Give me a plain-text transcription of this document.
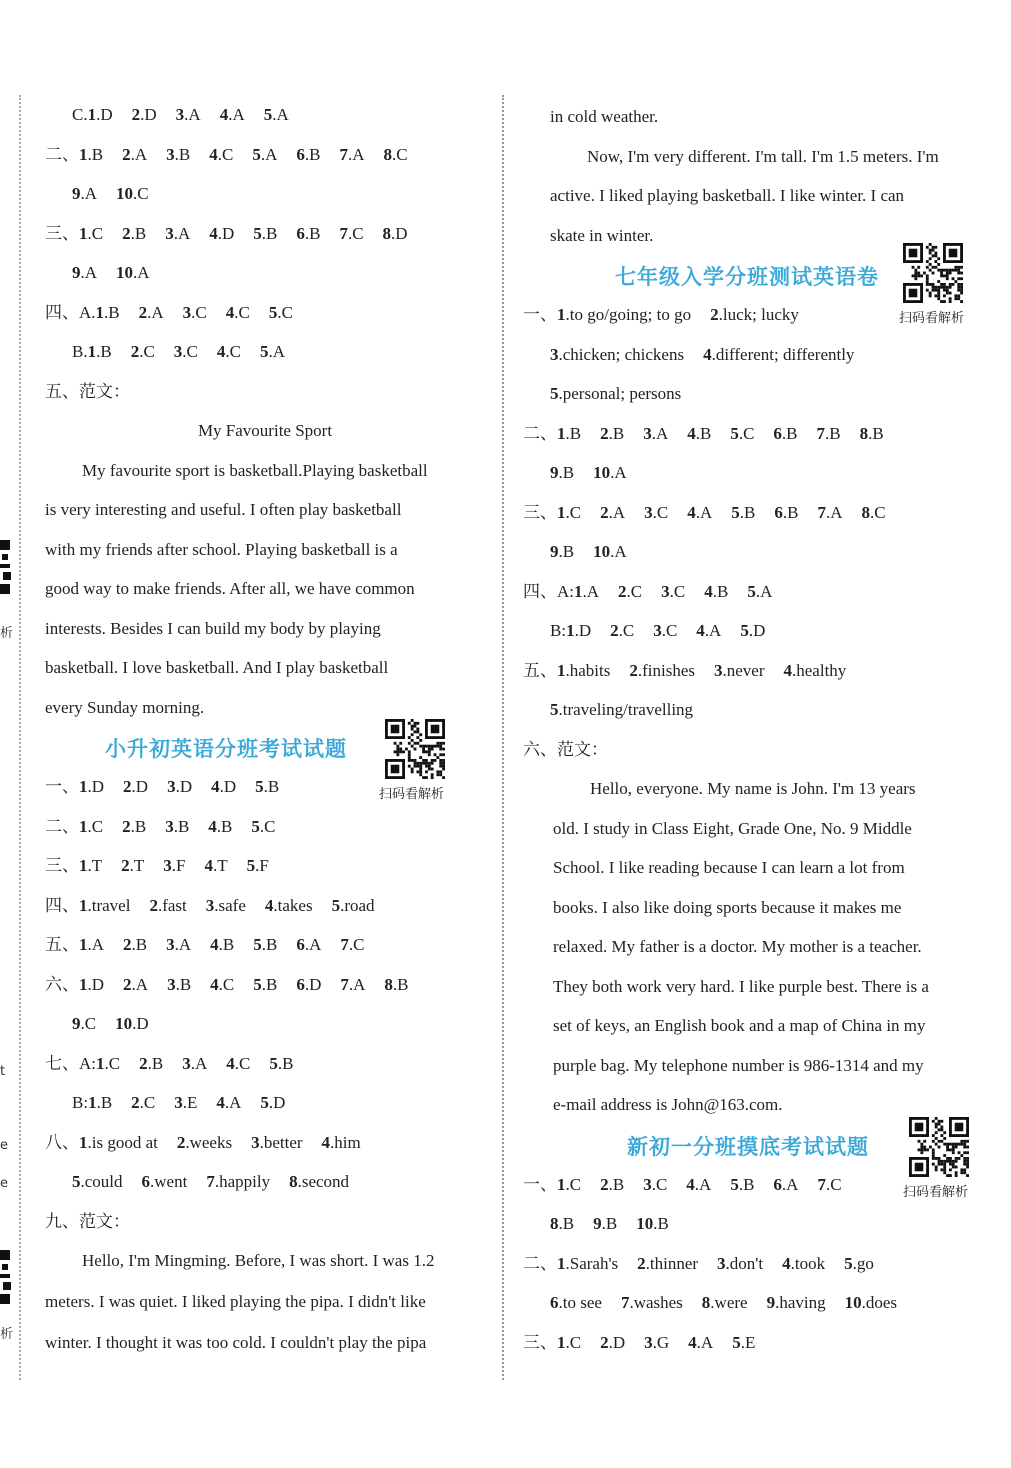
析
t
e
e
析
C.1.D 2.D 3.A 4.A 5.A
二、1.B 2.A 3.B 4.C 5.A 6.B 7.A 8.C
9.A 10.C
三、1.C 2.B 3.A 4.D 5.B 6.B 7.C 8.D
9.A 10.A
四、A.1.B 2.A 3.C 4.C 5.C
B.1.B 2.C 3.C 4.C 5.A
五、范文：
My Favourite Sport
My favourite sport is basketball.Playing basketball
is very interesting and useful. I often play basketball
with my friends after school. Playing basketball is a
good way to make friends. After all, we have common
interests. Besides I can build my body by playing
basketball. I love basketball. And I play basketball
every Sunday morning.
小升初英语分班考试试题
扫码看解析
一、1.D 2.D 3.D 4.D 5.B
二、1.C 2.B 3.B 4.B 5.C
三、1.T 2.T 3.F 4.T 5.F
四、1.travel 2.fast 3.safe 4.takes 5.road
五、1.A 2.B 3.A 4.B 5.B 6.A 7.C
六、1.D 2.A 3.B 4.C 5.B 6.D 7.A 8.B
9.C 10.D
七、A:1.C 2.B 3.A 4.C 5.B
B:1.B 2.C 3.E 4.A 5.D
八、1.is good at 2.weeks 3.better 4.him
5.could 6.went 7.happily 8.second
九、范文：
Hello, I'm Mingming. Before, I was short. I was 1.2
meters. I was quiet. I liked playing the pipa. I didn't like
winter. I thought it was too cold. I couldn't play the pipa
in cold weather.
Now, I'm very different. I'm tall. I'm 1.5 meters. I'm
active. I liked playing basketball. I like winter. I can
skate in winter.
七年级入学分班测试英语卷
扫码看解析
一、1.to go/going; to go 2.luck; lucky
3.chicken; chickens 4.different; differently
5.personal; persons
二、1.B 2.B 3.A 4.B 5.C 6.B 7.B 8.B
9.B 10.A
三、1.C 2.A 3.C 4.A 5.B 6.B 7.A 8.C
9.B 10.A
四、A:1.A 2.C 3.C 4.B 5.A
B:1.D 2.C 3.C 4.A 5.D
五、1.habits 2.finishes 3.never 4.healthy
5.traveling/travelling
六、范文：
Hello, everyone. My name is John. I'm 13 years
old. I study in Class Eight, Grade One, No. 9 Middle
School. I like reading because I can learn a lot from
books. I also like doing sports because it makes me
relaxed. My father is a doctor. My mother is a teacher.
They both work very hard. I like purple best. There is a
set of keys, an English book and a map of China in my
purple bag. My telephone number is 986-1314 and my
e-mail address is John@163.com.
新初一分班摸底考试试题
扫码看解析
一、1.C 2.B 3.C 4.A 5.B 6.A 7.C
8.B 9.B 10.B
二、1.Sarah's 2.thinner 3.don't 4.took 5.go
6.to see 7.washes 8.were 9.having 10.does
三、1.C 2.D 3.G 4.A 5.E
